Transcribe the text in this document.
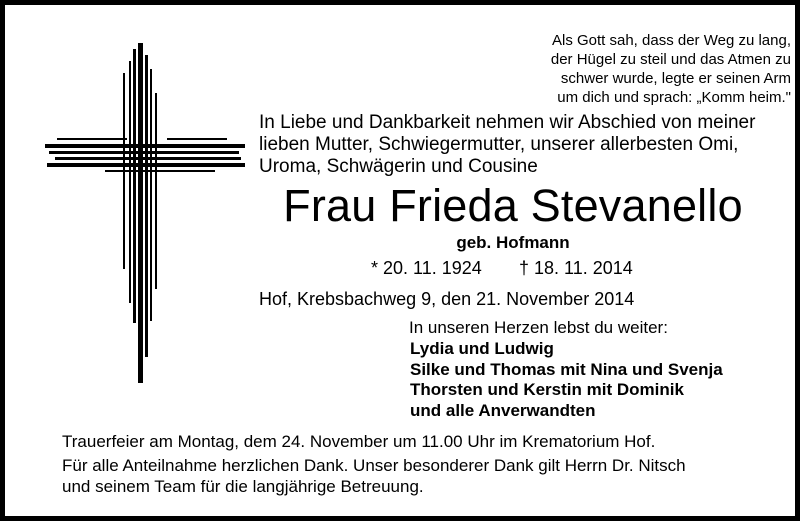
Als Gott sah, dass der Weg zu lang,
der Hügel zu steil und das Atmen zu
schwer wurde, legte er seinen Arm
um dich und sprach: „Komm heim."
In Liebe und Dankbarkeit nehmen wir Abschied von meiner
lieben Mutter, Schwiegermutter, unserer allerbesten Omi,
Uroma, Schwägerin und Cousine
Frau Frieda Stevanello
geb. Hofmann
* 20. 11. 1924 † 18. 11. 2014
Hof, Krebsbachweg 9, den 21. November 2014
In unseren Herzen lebst du weiter:
Lydia und Ludwig
Silke und Thomas mit Nina und Svenja
Thorsten und Kerstin mit Dominik
und alle Anverwandten
Trauerfeier am Montag, dem 24. November um 11.00 Uhr im Krematorium Hof.
Für alle Anteilnahme herzlichen Dank. Unser besonderer Dank gilt Herrn Dr. Nitsch
und seinem Team für die langjährige Betreuung.
